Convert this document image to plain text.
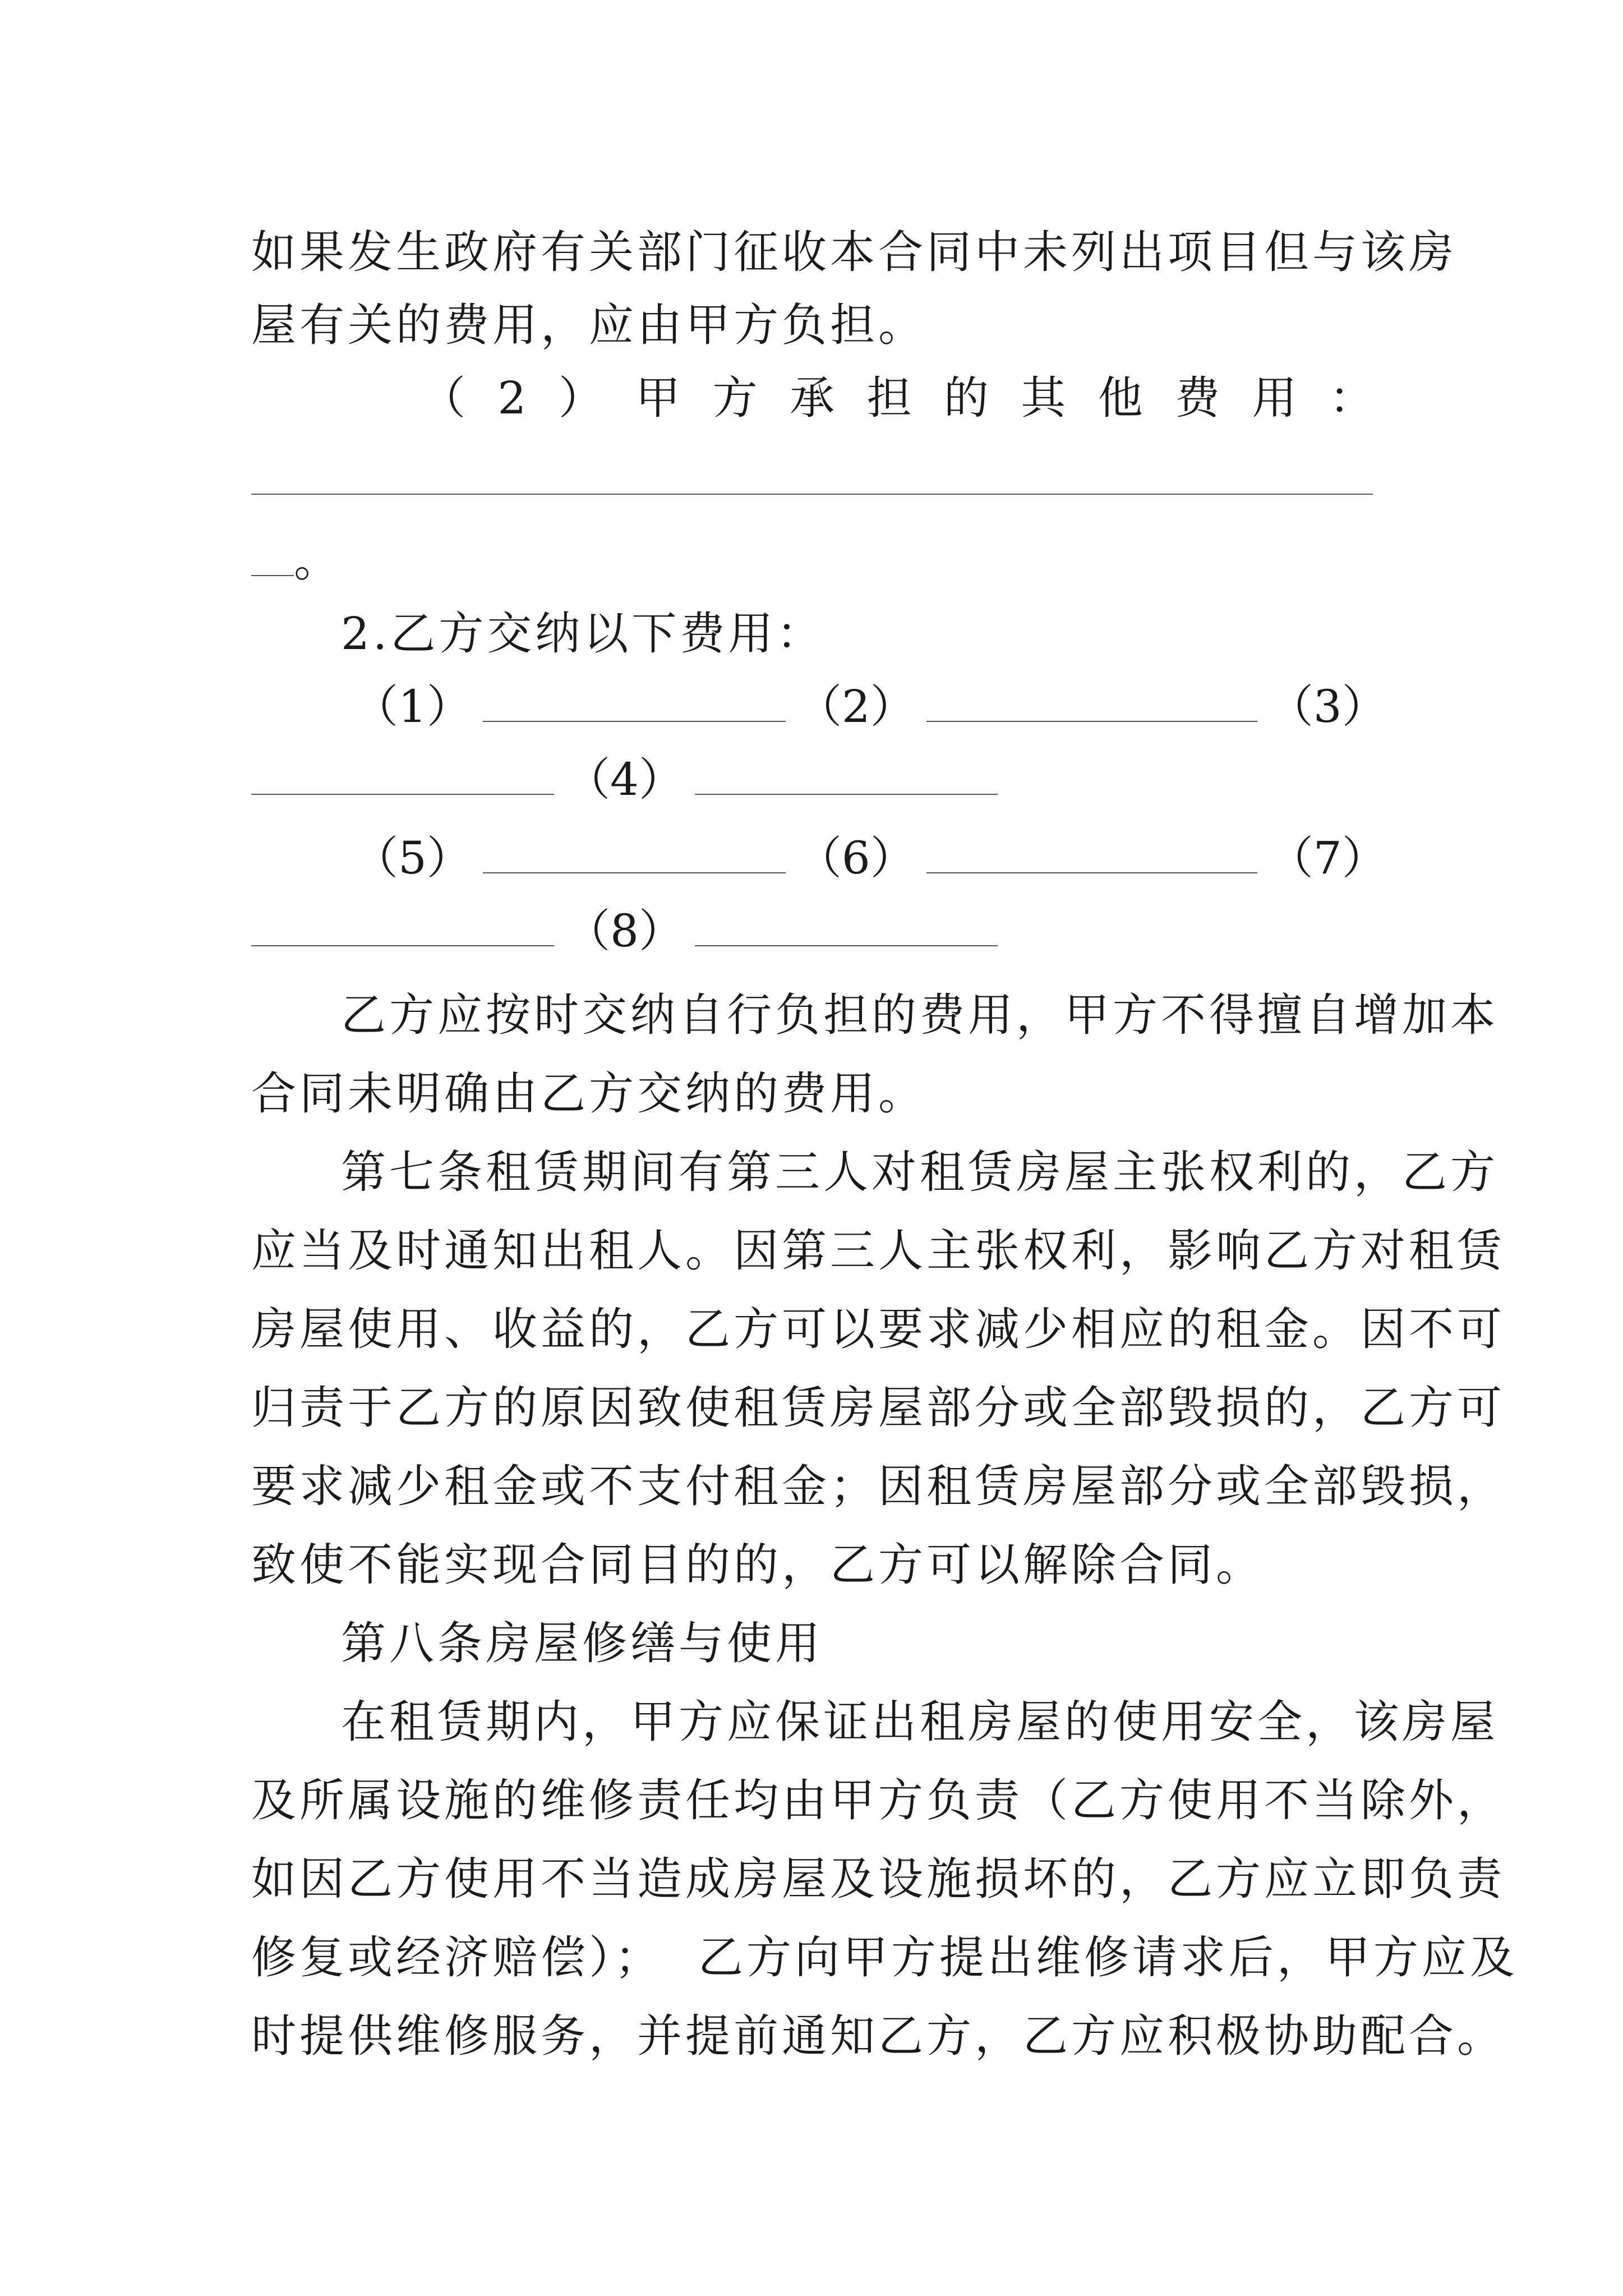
如果发生政府有关部门征收本合同中未列出项目但与该房
屋有关的费用，应由甲方负担。
（ 2 ） 甲 方 承 担 的 其 他 费 用 ：
。
2.乙方交纳以下费用：
（1）	（2）	（3）
（4）
（5）	（6）	（7）
（8）
乙方应按时交纳自行负担的费用，甲方不得擅自增加本
合同未明确由乙方交纳的费用。
第七条租赁期间有第三人对租赁房屋主张权利的，乙方
应当及时通知出租人。因第三人主张权利，影响乙方对租赁
房屋使用、收益的，乙方可以要求减少相应的租金。因不可
归责于乙方的原因致使租赁房屋部分或全部毁损的，乙方可
要求减少租金或不支付租金；因租赁房屋部分或全部毁损，
致使不能实现合同目的的，乙方可以解除合同。
第八条房屋修缮与使用
在租赁期内，甲方应保证出租房屋的使用安全，该房屋
及所属设施的维修责任均由甲方负责（乙方使用不当除外，
如因乙方使用不当造成房屋及设施损坏的，乙方应立即负责
修复或经济赔偿）；  乙方向甲方提出维修请求后，甲方应及
时提供维修服务，并提前通知乙方，乙方应积极协助配合。
